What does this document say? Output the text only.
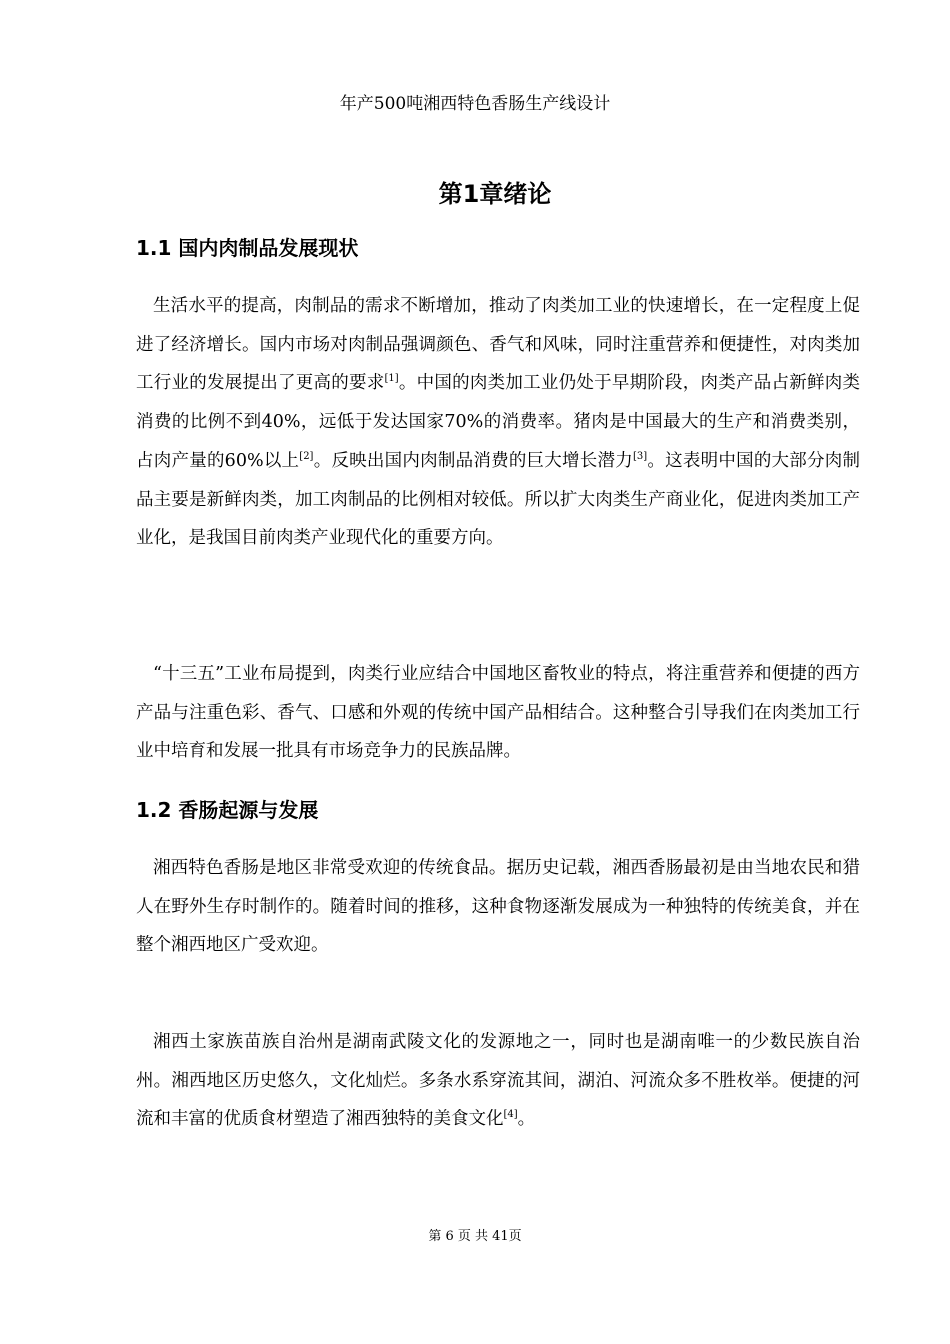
年产500吨湘西特色香肠生产线设计
第1章绪论
1.1 国内肉制品发展现状

生活水平的提高，肉制品的需求不断增加，推动了肉类加工业的快速增长，在一定程度上促进了经济增长。国内市场对肉制品强调颜色、香气和风味，同时注重营养和便捷性，对肉类加工行业的发展提出了更高的要求[1]。中国的肉类加工业仍处于早期阶段，肉类产品占新鲜肉类消费的比例不到40%，远低于发达国家70%的消费率。猪肉是中国最大的生产和消费类别，占肉产量的60%以上[2]。反映出国内肉制品消费的巨大增长潜力[3]。这表明中国的大部分肉制品主要是新鲜肉类，加工肉制品的比例相对较低。所以扩大肉类生产商业化，促进肉类加工产业化，是我国目前肉类产业现代化的重要方向。

“十三五”工业布局提到，肉类行业应结合中国地区畜牧业的特点，将注重营养和便捷的西方产品与注重色彩、香气、口感和外观的传统中国产品相结合。这种整合引导我们在肉类加工行业中培育和发展一批具有市场竞争力的民族品牌。

1.2 香肠起源与发展

湘西特色香肠是地区非常受欢迎的传统食品。据历史记载，湘西香肠最初是由当地农民和猎人在野外生存时制作的。随着时间的推移，这种食物逐渐发展成为一种独特的传统美食，并在整个湘西地区广受欢迎。

湘西土家族苗族自治州是湖南武陵文化的发源地之一，同时也是湖南唯一的少数民族自治州。湘西地区历史悠久，文化灿烂。多条水系穿流其间，湖泊、河流众多不胜枚举。便捷的河流和丰富的优质食材塑造了湘西独特的美食文化[4]。

第 6 页 共 41页
